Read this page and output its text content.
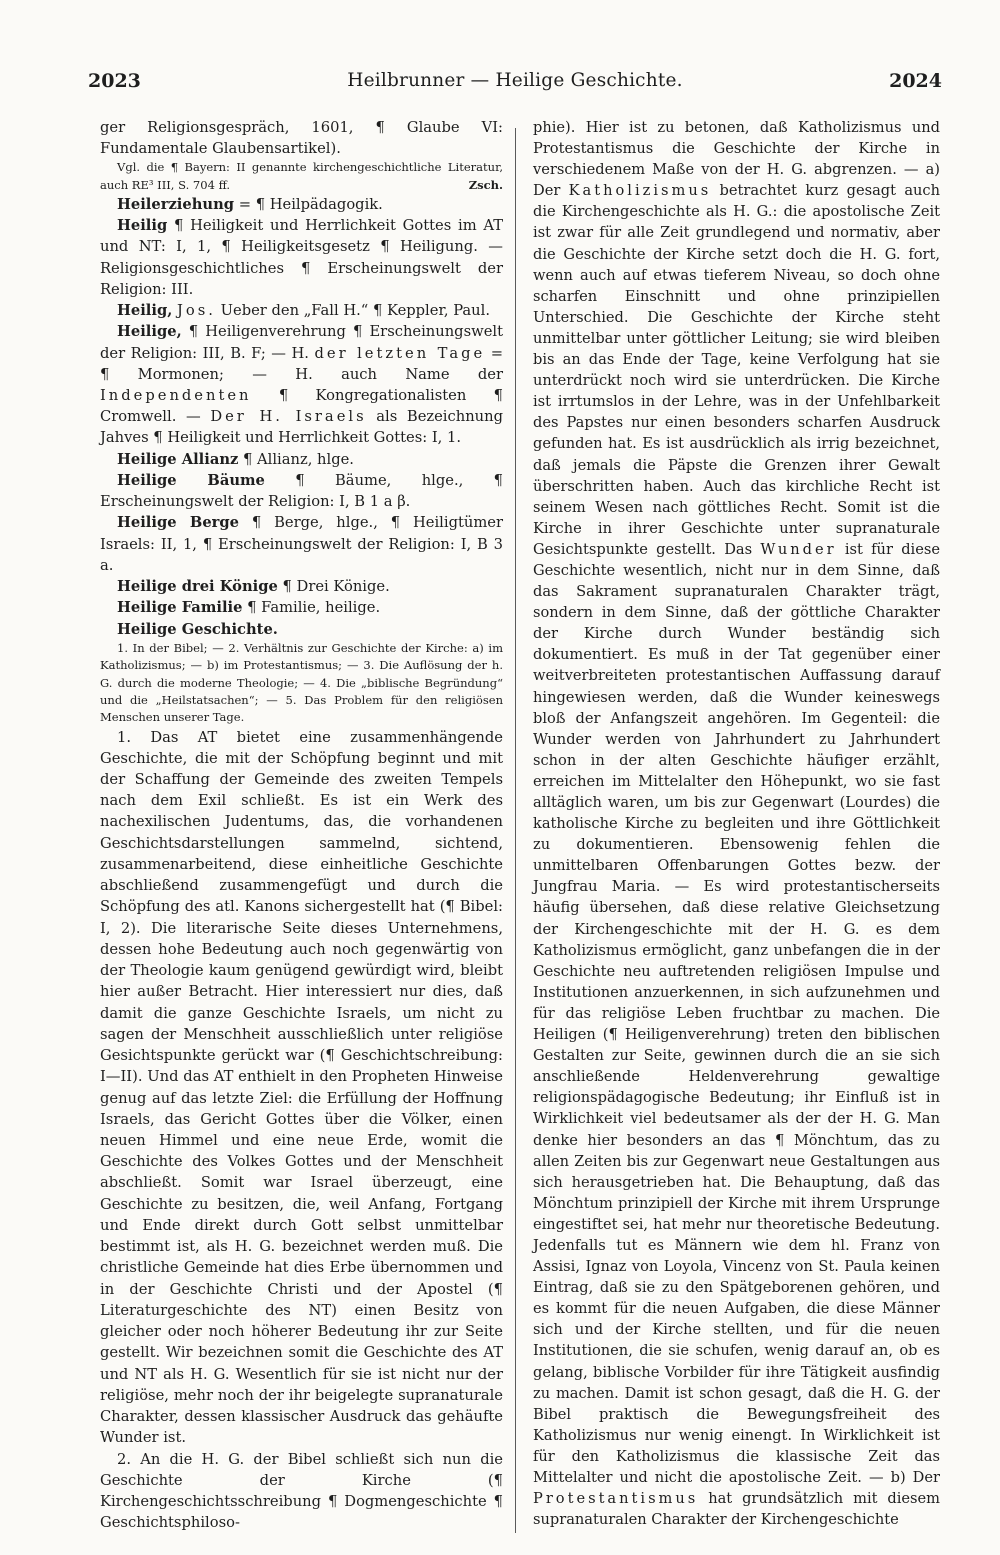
2023	Heilbrunner — Heilige Geschichte.	2024

ger Religionsgespräch, 1601, ¶ Glaube VI: Fundamentale Glaubensartikel).

Vgl. die ¶ Bayern: II genannte kirchengeschichtliche Literatur, auch RE³ III, S. 704 ff.	Zsch.

Heilerziehung = ¶ Heilpädagogik.

Heilig ¶ Heiligkeit und Herrlichkeit Gottes im AT und NT: I, 1, ¶ Heiligkeitsgesetz ¶ Heiligung. — Religionsgeschichtliches ¶ Erscheinungswelt der Religion: III.

Heilig, Jos. Ueber den „Fall H.“ ¶ Keppler, Paul.

Heilige, ¶ Heiligenverehrung ¶ Erscheinungswelt der Religion: III, B. F; — H. der letzten Tage = ¶ Mormonen; — H. auch Name der Independenten ¶ Kongregationalisten ¶ Cromwell. — Der H. Israels als Bezeichnung Jahves ¶ Heiligkeit und Herrlichkeit Gottes: I, 1.

Heilige Allianz ¶ Allianz, hlge.

Heilige Bäume ¶ Bäume, hlge., ¶ Erscheinungswelt der Religion: I, B 1 a β.

Heilige Berge ¶ Berge, hlge., ¶ Heiligtümer Israels: II, 1, ¶ Erscheinungswelt der Religion: I, B 3 a.

Heilige drei Könige ¶ Drei Könige.

Heilige Familie ¶ Familie, heilige.

Heilige Geschichte.

1. In der Bibel; — 2. Verhältnis zur Geschichte der Kirche: a) im Katholizismus; — b) im Protestantismus; — 3. Die Auflösung der h. G. durch die moderne Theologie; — 4. Die „biblische Begründung“ und die „Heilstatsachen“; — 5. Das Problem für den religiösen Menschen unserer Tage.

1. Das AT bietet eine zusammenhängende Geschichte, die mit der Schöpfung beginnt und mit der Schaffung der Gemeinde des zweiten Tempels nach dem Exil schließt. Es ist ein Werk des nachexilischen Judentums, das, die vorhandenen Geschichtsdarstellungen sammelnd, sichtend, zusammenarbeitend, diese einheitliche Geschichte abschließend zusammengefügt und durch die Schöpfung des atl. Kanons sichergestellt hat (¶ Bibel: I, 2). Die literarische Seite dieses Unternehmens, dessen hohe Bedeutung auch noch gegenwärtig von der Theologie kaum genügend gewürdigt wird, bleibt hier außer Betracht. Hier interessiert nur dies, daß damit die ganze Geschichte Israels, um nicht zu sagen der Menschheit ausschließlich unter religiöse Gesichtspunkte gerückt war (¶ Geschichtschreibung: I—II). Und das AT enthielt in den Propheten Hinweise genug auf das letzte Ziel: die Erfüllung der Hoffnung Israels, das Gericht Gottes über die Völker, einen neuen Himmel und eine neue Erde, womit die Geschichte des Volkes Gottes und der Menschheit abschließt. Somit war Israel überzeugt, eine Geschichte zu besitzen, die, weil Anfang, Fortgang und Ende direkt durch Gott selbst unmittelbar bestimmt ist, als H. G. bezeichnet werden muß. Die christliche Gemeinde hat dies Erbe übernommen und in der Geschichte Christi und der Apostel (¶ Literaturgeschichte des NT) einen Besitz von gleicher oder noch höherer Bedeutung ihr zur Seite gestellt. Wir bezeichnen somit die Geschichte des AT und NT als H. G. Wesentlich für sie ist nicht nur der religiöse, mehr noch der ihr beigelegte supranaturale Charakter, dessen klassischer Ausdruck das gehäufte Wunder ist.

2. An die H. G. der Bibel schließt sich nun die Geschichte der Kirche (¶ Kirchengeschichtsschreibung ¶ Dogmengeschichte ¶ Geschichtsphiloso-

phie). Hier ist zu betonen, daß Katholizismus und Protestantismus die Geschichte der Kirche in verschiedenem Maße von der H. G. abgrenzen. — a) Der Katholizismus betrachtet kurz gesagt auch die Kirchengeschichte als H. G.: die apostolische Zeit ist zwar für alle Zeit grundlegend und normativ, aber die Geschichte der Kirche setzt doch die H. G. fort, wenn auch auf etwas tieferem Niveau, so doch ohne scharfen Einschnitt und ohne prinzipiellen Unterschied. Die Geschichte der Kirche steht unmittelbar unter göttlicher Leitung; sie wird bleiben bis an das Ende der Tage, keine Verfolgung hat sie unterdrückt noch wird sie unterdrücken. Die Kirche ist irrtumslos in der Lehre, was in der Unfehlbarkeit des Papstes nur einen besonders scharfen Ausdruck gefunden hat. Es ist ausdrücklich als irrig bezeichnet, daß jemals die Päpste die Grenzen ihrer Gewalt überschritten haben. Auch das kirchliche Recht ist seinem Wesen nach göttliches Recht. Somit ist die Kirche in ihrer Geschichte unter supranaturale Gesichtspunkte gestellt. Das Wunder ist für diese Geschichte wesentlich, nicht nur in dem Sinne, daß das Sakrament supranaturalen Charakter trägt, sondern in dem Sinne, daß der göttliche Charakter der Kirche durch Wunder beständig sich dokumentiert. Es muß in der Tat gegenüber einer weitverbreiteten protestantischen Auffassung darauf hingewiesen werden, daß die Wunder keineswegs bloß der Anfangszeit angehören. Im Gegenteil: die Wunder werden von Jahrhundert zu Jahrhundert schon in der alten Geschichte häufiger erzählt, erreichen im Mittelalter den Höhepunkt, wo sie fast alltäglich waren, um bis zur Gegenwart (Lourdes) die katholische Kirche zu begleiten und ihre Göttlichkeit zu dokumentieren. Ebensowenig fehlen die unmittelbaren Offenbarungen Gottes bezw. der Jungfrau Maria. — Es wird protestantischerseits häufig übersehen, daß diese relative Gleichsetzung der Kirchengeschichte mit der H. G. es dem Katholizismus ermöglicht, ganz unbefangen die in der Geschichte neu auftretenden religiösen Impulse und Institutionen anzuerkennen, in sich aufzunehmen und für das religiöse Leben fruchtbar zu machen. Die Heiligen (¶ Heiligenverehrung) treten den biblischen Gestalten zur Seite, gewinnen durch die an sie sich anschließende Heldenverehrung gewaltige religionspädagogische Bedeutung; ihr Einfluß ist in Wirklichkeit viel bedeutsamer als der der H. G. Man denke hier besonders an das ¶ Mönchtum, das zu allen Zeiten bis zur Gegenwart neue Gestaltungen aus sich herausgetrieben hat. Die Behauptung, daß das Mönchtum prinzipiell der Kirche mit ihrem Ursprunge eingestiftet sei, hat mehr nur theoretische Bedeutung. Jedenfalls tut es Männern wie dem hl. Franz von Assisi, Ignaz von Loyola, Vincenz von St. Paula keinen Eintrag, daß sie zu den Spätgeborenen gehören, und es kommt für die neuen Aufgaben, die diese Männer sich und der Kirche stellten, und für die neuen Institutionen, die sie schufen, wenig darauf an, ob es gelang, biblische Vorbilder für ihre Tätigkeit ausfindig zu machen. Damit ist schon gesagt, daß die H. G. der Bibel praktisch die Bewegungsfreiheit des Katholizismus nur wenig einengt. In Wirklichkeit ist für den Katholizismus die klassische Zeit das Mittelalter und nicht die apostolische Zeit. — b) Der Protestantismus hat grundsätzlich mit diesem supranaturalen Charakter der Kirchengeschichte
